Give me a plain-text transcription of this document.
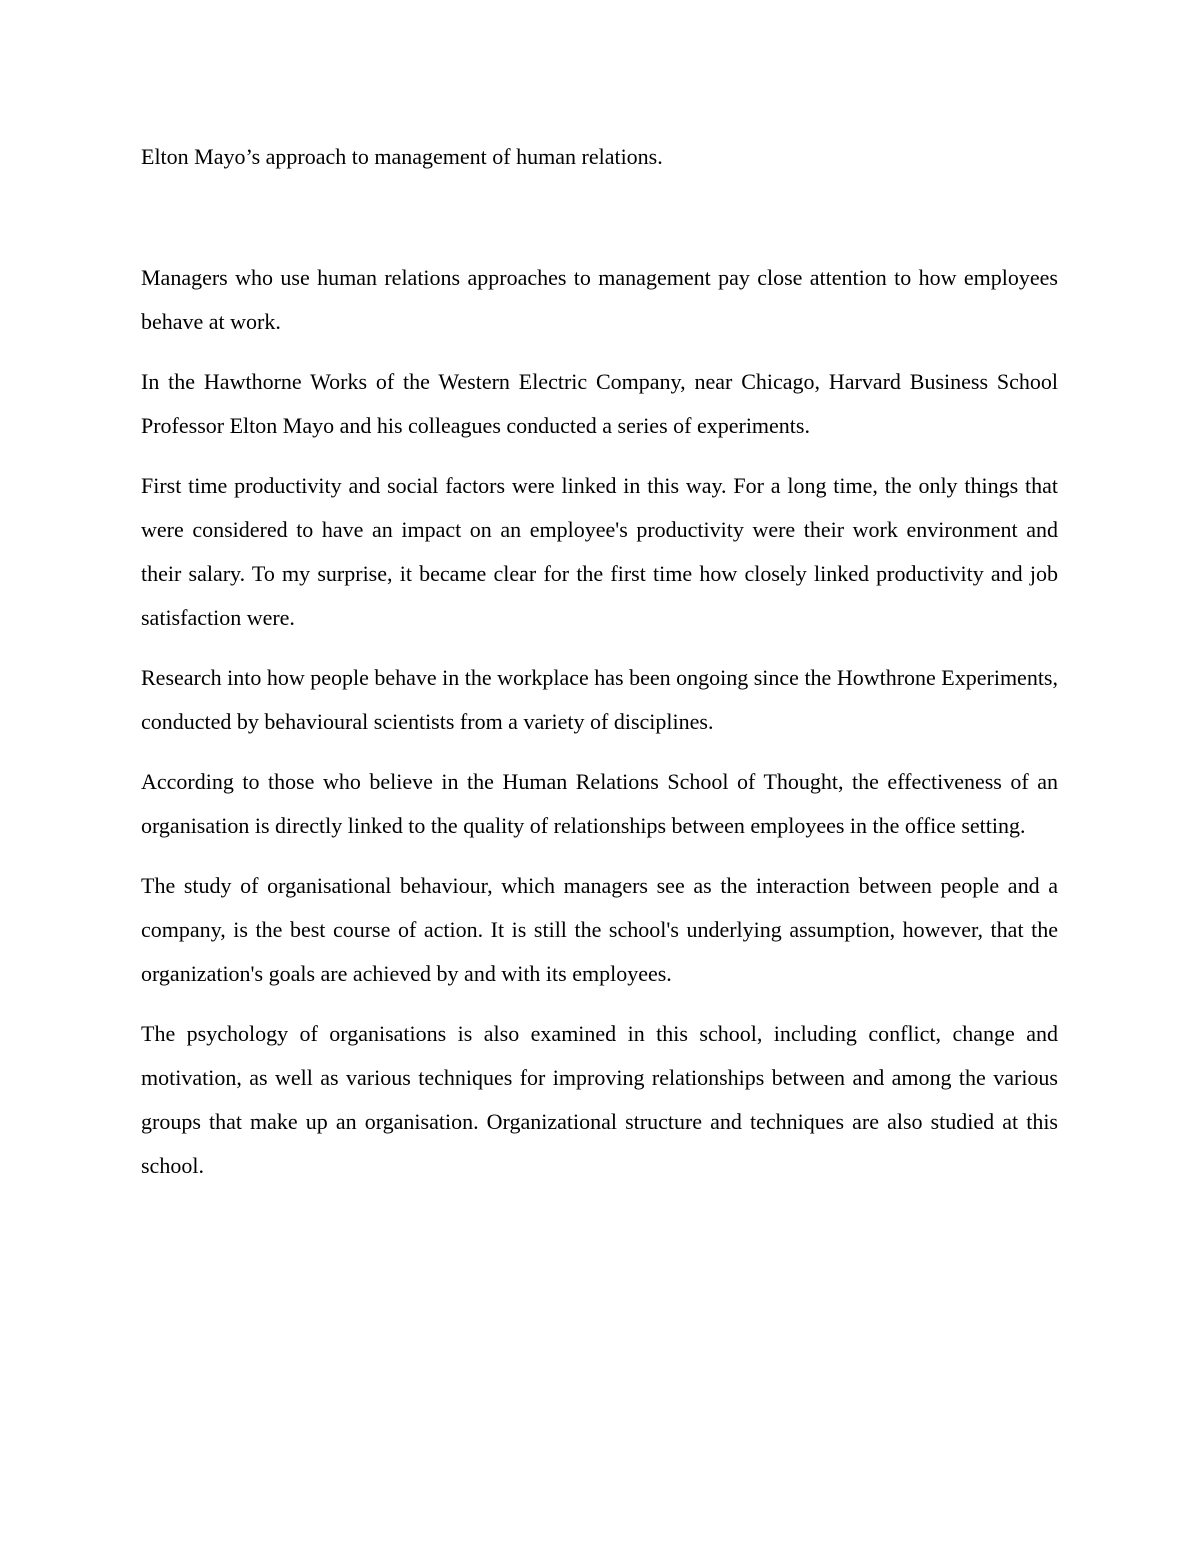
Elton Mayo’s approach to management of human relations.

Managers who use human relations approaches to management pay close attention to how employees behave at work.

In the Hawthorne Works of the Western Electric Company, near Chicago, Harvard Business School Professor Elton Mayo and his colleagues conducted a series of experiments.

First time productivity and social factors were linked in this way. For a long time, the only things that were considered to have an impact on an employee's productivity were their work environment and their salary. To my surprise, it became clear for the first time how closely linked productivity and job satisfaction were.

Research into how people behave in the workplace has been ongoing since the Howthrone Experiments, conducted by behavioural scientists from a variety of disciplines.

According to those who believe in the Human Relations School of Thought, the effectiveness of an organisation is directly linked to the quality of relationships between employees in the office setting.

The study of organisational behaviour, which managers see as the interaction between people and a company, is the best course of action. It is still the school's underlying assumption, however, that the organization's goals are achieved by and with its employees.

The psychology of organisations is also examined in this school, including conflict, change and motivation, as well as various techniques for improving relationships between and among the various groups that make up an organisation. Organizational structure and techniques are also studied at this school.
